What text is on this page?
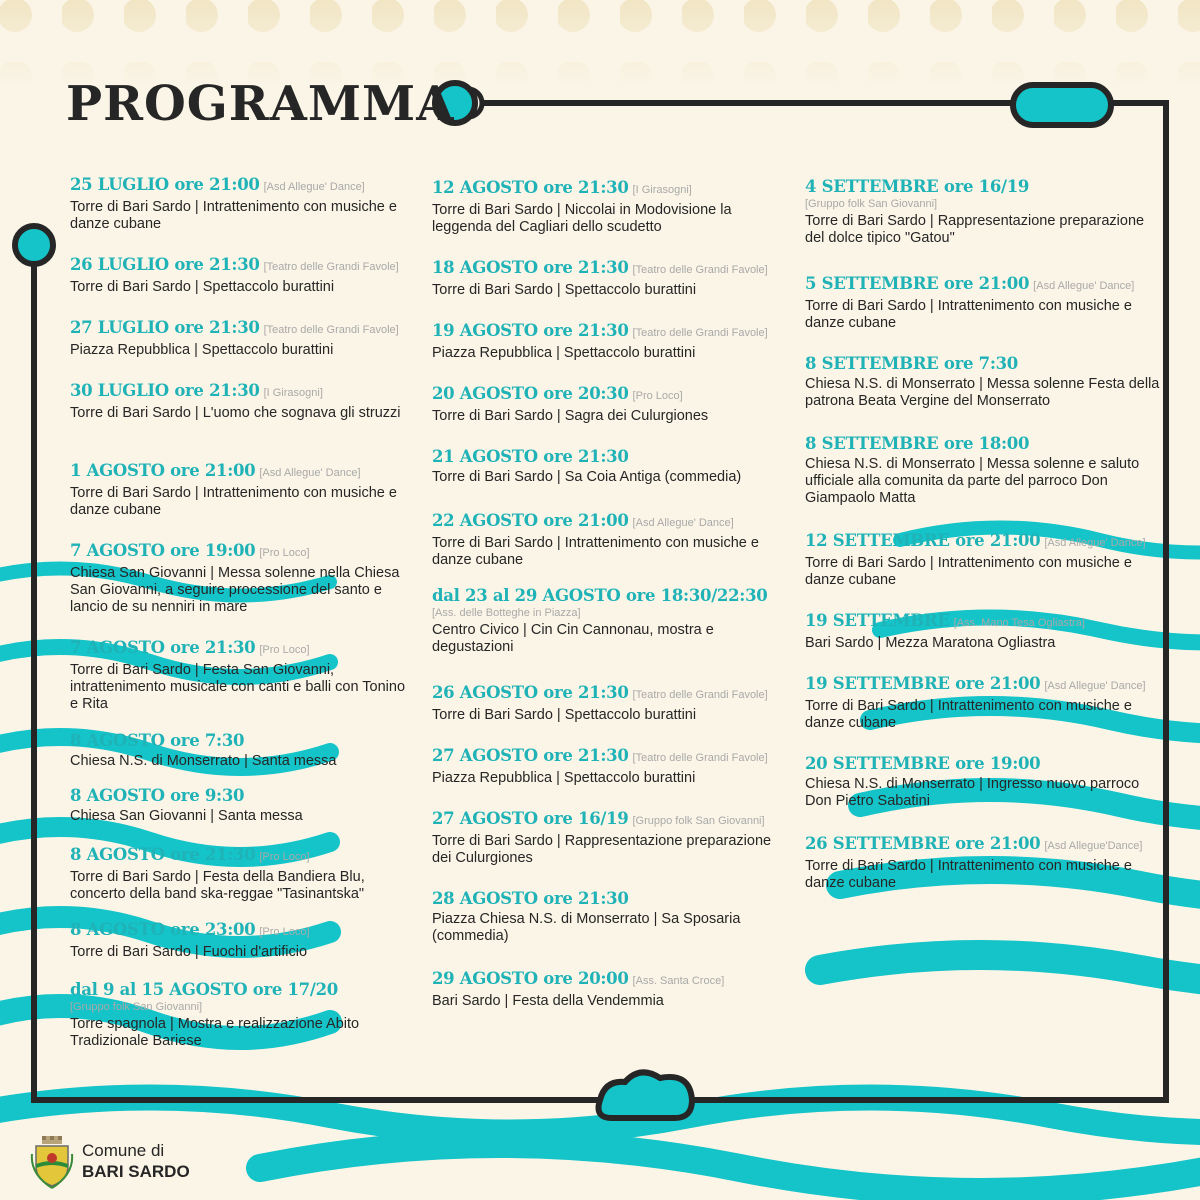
PROGRAMMA
25 LUGLIO ore 21:00 [Asd Allegue' Dance]
Torre di Bari Sardo | Intrattenimento con musiche e danze cubane
26 LUGLIO ore 21:30 [Teatro delle Grandi Favole]
Torre di Bari Sardo | Spettaccolo burattini
27 LUGLIO ore 21:30 [Teatro delle Grandi Favole]
Piazza Repubblica | Spettaccolo burattini
30 LUGLIO ore 21:30 [I Girasogni]
Torre di Bari Sardo | L'uomo che sognava gli struzzi
1 AGOSTO ore 21:00 [Asd Allegue' Dance]
Torre di Bari Sardo | Intrattenimento con musiche e danze cubane
7 AGOSTO ore 19:00 [Pro Loco]
Chiesa San Giovanni | Messa solenne nella Chiesa San Giovanni, a seguire processione del santo e lancio de su nenniri in mare
7 AGOSTO ore 21:30 [Pro Loco]
Torre di Bari Sardo | Festa San Giovanni, intrattenimento musicale con canti e balli con Tonino e Rita
8 AGOSTO ore 7:30
Chiesa N.S. di Monserrato | Santa messa
8 AGOSTO ore 9:30
Chiesa San Giovanni | Santa messa
8 AGOSTO ore 21:30 [Pro Loco]
Torre di Bari Sardo | Festa della Bandiera Blu, concerto della band ska-reggae "Tasinantska"
8 AGOSTO ore 23:00 [Pro Loco]
Torre di Bari Sardo | Fuochi d'artificio
dal 9 al 15 AGOSTO ore 17/20
[Gruppo folk San Giovanni]
Torre spagnola | Mostra e realizzazione Abito Tradizionale Bariese
12 AGOSTO ore 21:30 [I Girasogni]
Torre di Bari Sardo | Niccolai in Modovisione la leggenda del Cagliari dello scudetto
18 AGOSTO ore 21:30 [Teatro delle Grandi Favole]
Torre di Bari Sardo | Spettaccolo burattini
19 AGOSTO ore 21:30 [Teatro delle Grandi Favole]
Piazza Repubblica | Spettaccolo burattini
20 AGOSTO ore 20:30 [Pro Loco]
Torre di Bari Sardo | Sagra dei Culurgiones
21 AGOSTO ore 21:30
Torre di Bari Sardo | Sa Coia Antiga (commedia)
22 AGOSTO ore 21:00 [Asd Allegue' Dance]
Torre di Bari Sardo | Intrattenimento con musiche e danze cubane
dal 23 al 29 AGOSTO ore 18:30/22:30
[Ass. delle Botteghe in Piazza]
Centro Civico | Cin Cin Cannonau, mostra e degustazioni
26 AGOSTO ore 21:30 [Teatro delle Grandi Favole]
Torre di Bari Sardo | Spettaccolo burattini
27 AGOSTO ore 21:30 [Teatro delle Grandi Favole]
Piazza Repubblica | Spettaccolo burattini
27 AGOSTO ore 16/19 [Gruppo folk San Giovanni]
Torre di Bari Sardo | Rappresentazione preparazione dei Culurgiones
28 AGOSTO ore 21:30
Piazza Chiesa N.S. di Monserrato | Sa Sposaria (commedia)
29 AGOSTO ore 20:00 [Ass. Santa Croce]
Bari Sardo | Festa della Vendemmia
4 SETTEMBRE ore 16/19
[Gruppo folk San Giovanni]
Torre di Bari Sardo | Rappresentazione preparazione del dolce tipico "Gatou"
5 SETTEMBRE ore 21:00 [Asd Allegue' Dance]
Torre di Bari Sardo | Intrattenimento con musiche e danze cubane
8 SETTEMBRE ore 7:30
Chiesa N.S. di Monserrato | Messa solenne Festa della patrona Beata Vergine del Monserrato
8 SETTEMBRE ore 18:00
Chiesa N.S. di Monserrato | Messa solenne e saluto ufficiale alla comunita da parte del parroco Don Giampaolo Matta
12 SETTEMBRE ore 21:00 [Asd Allegue' Dance]
Torre di Bari Sardo | Intrattenimento con musiche e danze cubane
19 SETTEMBRE [Ass. Mano Tesa Ogliastra]
Bari Sardo | Mezza Maratona Ogliastra
19 SETTEMBRE ore 21:00 [Asd Allegue' Dance]
Torre di Bari Sardo | Intrattenimento con musiche e danze cubane
20 SETTEMBRE ore 19:00
Chiesa N.S. di Monserrato | Ingresso nuovo parroco Don Pietro Sabatini
26 SETTEMBRE ore 21:00 [Asd Allegue'Dance]
Torre di Bari Sardo | Intrattenimento con musiche e danze cubane
Comune di
BARI SARDO
